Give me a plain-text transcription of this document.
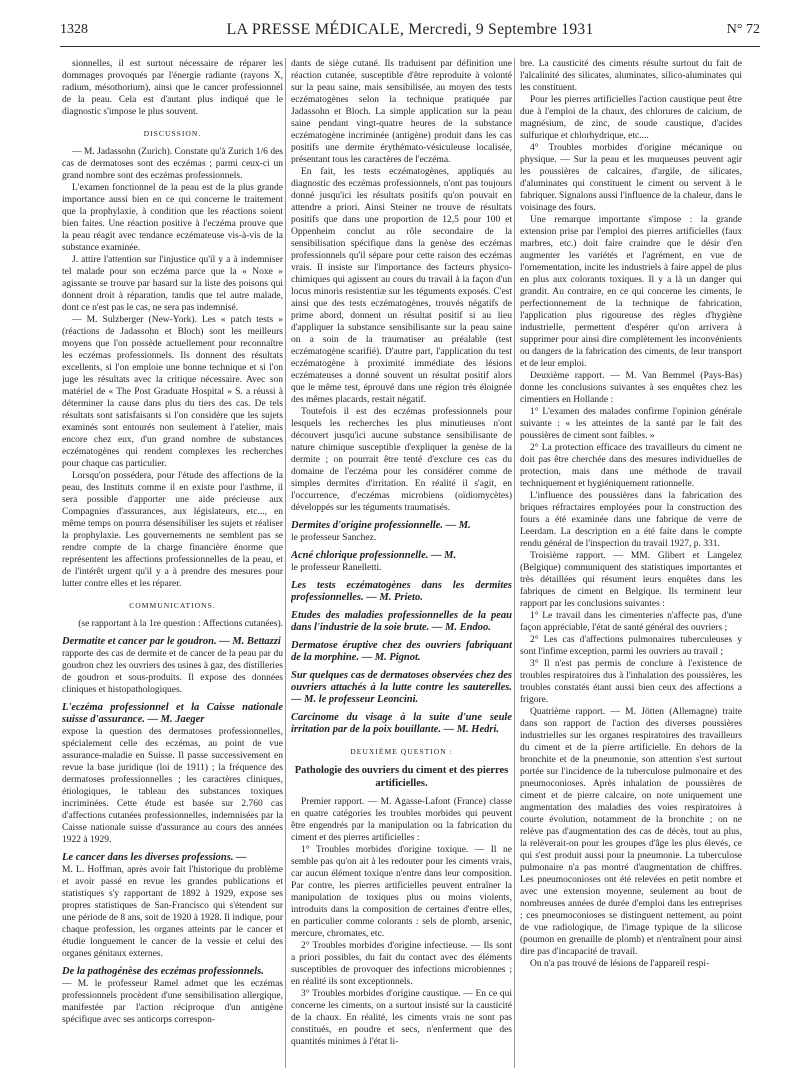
1328	LA PRESSE MÉDICALE, Mercredi, 9 Septembre 1931	N° 72

sionnelles, il est surtout nécessaire de réparer les dommages provoqués par l'énergie radiante (rayons X, radium, mésothorium), ainsi que le cancer professionnel de la peau. Cela est d'autant plus indiqué que le diagnostic s'impose le plus souvent.

DISCUSSION.

— M. Jadassohn (Zurich). Constate qu'à Zurich 1/6 des cas de dermatoses sont des eczémas ; parmi ceux-ci un grand nombre sont des eczémas professionnels.

L'examen fonctionnel de la peau est de la plus grande importance aussi bien en ce qui concerne le traitement que la prophylaxie, à condition que les réactions soient bien faites. Une réaction positive à l'eczéma prouve que la peau réagit avec tendance eczémateuse vis-à-vis de la substance examinée.

J. attire l'attention sur l'injustice qu'il y a à indemniser tel malade pour son eczéma parce que la « Noxe » agissante se trouve par hasard sur la liste des poisons qui donnent droit à réparation, tandis que tel autre malade, dont ce n'est pas le cas, ne sera pas indemnisé.

— M. Sulzberger (New-York). Les « patch tests » (réactions de Jadassohn et Bloch) sont les meilleurs moyens que l'on possède actuellement pour reconnaître les eczémas professionnels. Ils donnent des résultats excellents, si l'on emploie une bonne technique et si l'on juge les résultats avec la critique nécessaire. Avec son matériel de « The Post Graduate Hospital » S. a réussi à déterminer la cause dans plus du tiers des cas. De tels résultats sont satisfaisants si l'on considère que les sujets examinés sont entourés non seulement à l'atelier, mais encore chez eux, d'un grand nombre de substances eczématogènes qui rendent complexes les recherches pour chaque cas particulier.

Lorsqu'on possédera, pour l'étude des affections de la peau, des Instituts comme il en existe pour l'asthme, il sera possible d'apporter une aide précieuse aux Compagnies d'assurances, aux législateurs, etc..., en même temps on pourra désensibiliser les sujets et réaliser la prophylaxie. Les gouvernements ne semblent pas se rendre compte de la charge financière énorme que représentent les affections professionnelles de la peau, et de l'intérêt urgent qu'il y a à prendre des mesures pour lutter contre elles et les réparer.

COMMUNICATIONS.

(se rapportant à la 1re question : Affections cutanées).

Dermatite et cancer par le goudron. — M. Bettazzi

rapporte des cas de dermite et de cancer de la peau par du goudron chez les ouvriers des usines à gaz, des distilleries de goudron et sous-produits. Il expose des données cliniques et histopathologiques.

L'eczéma professionnel et la Caisse nationale suisse d'assurance. — M. Jaeger

expose la question des dermatoses professionnelles, spécialement celle des eczémas, au point de vue assurance-maladie en Suisse. Il passe successivement en revue la base juridique (loi de 1911) ; la fréquence des dermatoses professionnelles ; les caractères cliniques, étiologiques, le tableau des substances toxiques incriminées. Cette étude est basée sur 2.760 cas d'affections cutanées professionnelles, indemnisées par la Caisse nationale suisse d'assurance au cours des années 1922 à 1929.

Le cancer dans les diverses professions. —

M. L. Hoffman, après avoir fait l'historique du problème et avoir passé en revue les grandes publications et statistiques s'y rapportant de 1892 à 1929, expose ses propres statistiques de San-Francisco qui s'étendent sur une période de 8 ans, soit de 1920 à 1928. Il indique, pour chaque profession, les organes atteints par le cancer et étudie longuement le cancer de la vessie et celui des organes génitaux externes.

De la pathogénèse des eczémas professionnels.

— M. le professeur Ramel admet que les eczémas professionnels procèdent d'une sensibilisation allergique, manifestée par l'action réciproque d'un antigène spécifique avec ses anticorps correspon-

dants de siège cutané. Ils traduisent par définition une réaction cutanée, susceptible d'être reproduite à volonté sur la peau saine, mais sensibilisée, au moyen des tests eczématogènes selon la technique pratiquée par Jadassohn et Bloch. La simple application sur la peau saine pendant vingt-quatre heures de la substance eczématogène incriminée (antigène) produit dans les cas positifs une dermite érythémato-vésiculeuse localisée, présentant tous les caractères de l'eczéma.

En fait, les tests eczématogènes, appliqués au diagnostic des eczémas professionnels, n'ont pas toujours donné jusqu'ici les résultats positifs qu'on pouvait en attendre a priori. Ainsi Steiner ne trouve de résultats positifs que dans une proportion de 12,5 pour 100 et Oppenheim conclut au rôle secondaire de la sensibilisation spécifique dans la genèse des eczémas professionnels qu'il sépare pour cette raison des eczémas vrais. Il insiste sur l'importance des facteurs physico-chimiques qui agissent au cours du travail à la façon d'un locus minoris resistentiæ sur les téguments exposés. C'est ainsi que des tests eczématogènes, trouvés négatifs de prime abord, donnent un résultat positif si au lieu d'appliquer la substance sensibilisante sur la peau saine on a soin de la traumatiser au préalable (test eczématogène scarifié). D'autre part, l'application du test eczématogène à proximité immédiate des lésions eczémateuses a donné souvent un résultat positif alors que le même test, éprouvé dans une région très éloignée des mêmes placards, restait négatif.

Toutefois il est des eczémas professionnels pour lesquels les recherches les plus minutieuses n'ont découvert jusqu'ici aucune substance sensibilisante de nature chimique susceptible d'expliquer la genèse de la dermite ; on pourrait être tenté d'exclure ces cas du domaine de l'eczéma pour les considérer comme de simples dermites d'irritation. En réalité il s'agit, en l'occurrence, d'eczémas microbiens (oïdiomycètes) développés sur les téguments traumatisés.

Dermites d'origine professionnelle. — M.

le professeur Sanchez.

Acné chlorique professionnelle. — M.

le professeur Ranelletti.

Les tests eczématogènes dans les dermites professionnelles. — M. Prieto.

Etudes des maladies professionnelles de la peau dans l'industrie de la soie brute. — M. Endoo.

Dermatose éruptive chez des ouvriers fabriquant de la morphine. — M. Pignot.

Sur quelques cas de dermatoses observées chez des ouvriers attachés à la lutte contre les sauterelles. — M. le professeur Leoncini.

Carcinome du visage à la suite d'une seule irritation par de la poix bouillante. — M. Hedri.

DEUXIÈME QUESTION :

Pathologie des ouvriers du ciment et des pierres artificielles.

Premier rapport. — M. Agasse-Lafont (France) classe en quatre catégories les troubles morbides qui peuvent être engendrés par la manipulation ou la fabrication du ciment et des pierres artificielles :

1° Troubles morbides d'origine toxique. — Il ne semble pas qu'on ait à les redouter pour les ciments vrais, car aucun élément toxique n'entre dans leur composition. Par contre, les pierres artificielles peuvent entraîner la manipulation de toxiques plus ou moins violents, introduits dans la composition de certaines d'entre elles, en particulier comme colorants : sels de plomb, arsenic, mercure, chromates, etc.

2° Troubles morbides d'origine infectieuse. — Ils sont a priori possibles, du fait du contact avec des éléments susceptibles de provoquer des infections microbiennes ; en réalité ils sont exceptionnels.

3° Troubles morbides d'origine caustique. — En ce qui concerne les ciments, on a surtout insisté sur la causticité de la chaux. En réalité, les ciments vrais ne sont pas constitués, en poudre et secs, n'enferment que des quantités minimes à l'état li-

bre. La causticité des ciments résulte surtout du fait de l'alcalinité des silicates, aluminates, silico-aluminates qui les constituent.

Pour les pierres artificielles l'action caustique peut être due à l'emploi de la chaux, des chlorures de calcium, de magnésium, de zinc, de soude caustique, d'acides sulfurique et chlorhydrique, etc....

4° Troubles morbides d'origine mécanique ou physique. — Sur la peau et les muqueuses peuvent agir les poussières de calcaires, d'argile, de silicates, d'aluminates qui constituent le ciment ou servent à le fabriquer. Signalons aussi l'influence de la chaleur, dans le voisinage des fours.

Une remarque importante s'impose : la grande extension prise par l'emploi des pierres artificielles (faux marbres, etc.) doit faire craindre que le désir d'en augmenter les variétés et l'agrément, en vue de l'ornementation, incite les industriels à faire appel de plus en plus aux colorants toxiques. Il y a là un danger qui grandit. Au contraire, en ce qui concerne les ciments, le perfectionnement de la technique de fabrication, l'application plus rigoureuse des règles d'hygiène industrielle, permettent d'espérer qu'on arrivera à supprimer pour ainsi dire complètement les inconvénients ou dangers de la fabrication des ciments, de leur transport et de leur emploi.

Deuxième rapport. — M. Van Bemmel (Pays-Bas) donne les conclusions suivantes à ses enquêtes chez les cimentiers en Hollande :

1° L'examen des malades confirme l'opinion générale suivante : « les atteintes de la santé par le fait des poussières de ciment sont faibles. »

2° La protection efficace des travailleurs du ciment ne doit pas être cherchée dans des mesures individuelles de protection, mais dans une méthode de travail techniquement et hygiéniquement rationnelle.

L'influence des poussières dans la fabrication des briques réfractaires employées pour la construction des fours a été examinée dans une fabrique de verre de Leerdam. La description en a été faite dans le compte rendu général de l'inspection du travail 1927, p. 331.

Troisième rapport. — MM. Glibert et Langelez (Belgique) communiquent des statistiques importantes et très détaillées qui résument leurs enquêtes dans les fabriques de ciment en Belgique. Ils terminent leur rapport par les conclusions suivantes :

1° Le travail dans les cimenteries n'affecte pas, d'une façon appréciable, l'état de santé général des ouvriers ;

2° Les cas d'affections pulmonaires tuberculeuses y sont l'infime exception, parmi les ouvriers au travail ;

3° Il n'est pas permis de conclure à l'existence de troubles respiratoires dus à l'inhalation des poussières, les troubles constatés étant aussi bien ceux des affections a frigore.

Quatrième rapport. — M. Jötten (Allemagne) traite dans son rapport de l'action des diverses poussières industrielles sur les organes respiratoires des travailleurs du ciment et de la pierre artificielle. En dehors de la bronchite et de la pneumonie, son attention s'est surtout portée sur l'incidence de la tuberculose pulmonaire et des pneumoconioses. Après inhalation de poussières de ciment et de pierre calcaire, on note uniquement une augmentation des maladies des voies respiratoires à courte évolution, notamment de la bronchite ; on ne relève pas d'augmentation des cas de décès, tout au plus, la relèverait-on pour les groupes d'âge les plus élevés, ce qui s'est produit aussi pour la pneumonie. La tuberculose pulmonaire n'a pas montré d'augmentation de chiffres. Les pneumoconioses ont été relevées en petit nombre et avec une extension moyenne, seulement au bout de nombreuses années de durée d'emploi dans les entreprises ; ces pneumoconioses se distinguent nettement, au point de vue radiologique, de l'image typique de la silicose (poumon en grenaille de plomb) et n'entraînent pour ainsi dire pas d'incapacité de travail.

On n'a pas trouvé de lésions de l'appareil respi-
